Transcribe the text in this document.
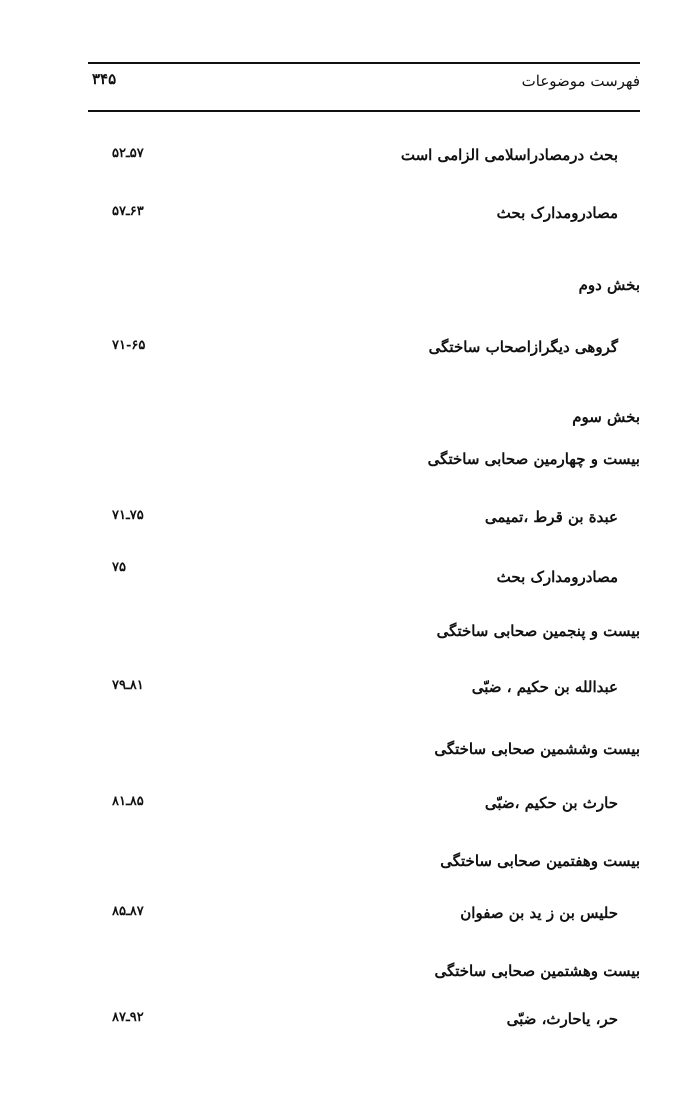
فهرست موضوعات
۳۴۵
بحث درمصادراسلامی الزامی است
۵۷ـ۵۲
مصادرومدارک بحث
۶۳ـ۵۷
بخش دوم
گروهی دیگرازاصحاب ساختگی
۷۱-۶۵
بخش سوم
بیست و چهارمین صحابی ساختگی
عبدة بن قرط ،تمیمی
۷۵ـ۷۱
مصادرومدارک بحث
۷۵
بیست و پنجمین صحابی ساختگی
عبدالله بن حکیم ، ضبّی
۸۱ـ۷۹
بیست وششمین صحابی ساختگی
حارث بن حکیم ،ضبّی
۸۵ـ۸۱
بیست وهفتمین صحابی ساختگی
حلیس بن ز ید بن صفوان
۸۷ـ۸۵
بیست وهشتمین صحابی ساختگی
حر، یاحارث، ضبّی
۹۲ـ۸۷
